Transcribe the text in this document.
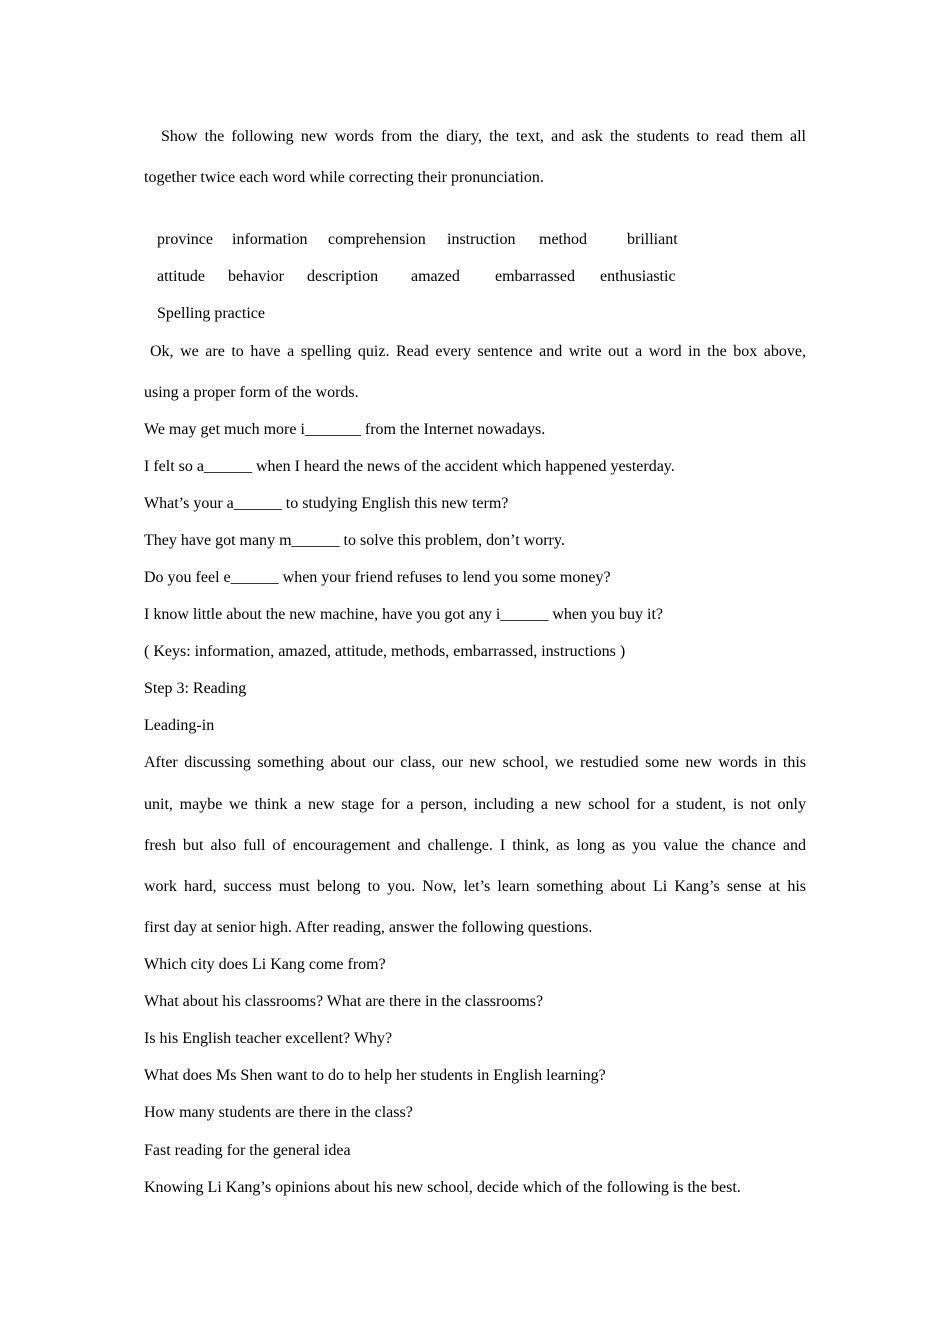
Show the following new words from the diary, the text, and ask the students to read them all
together twice each word while correcting their pronunciation.
province information comprehension instruction method	brilliant
attitude behavior description amazed embarrassed enthusiastic
Spelling practice
Ok, we are to have a spelling quiz. Read every sentence and write out a word in the box above,
using a proper form of the words.
We may get much more i_______ from the Internet nowadays.
I felt so a______ when I heard the news of the accident which happened yesterday.
What’s your a______ to studying English this new term?
They have got many m______ to solve this problem, don’t worry.
Do you feel e______ when your friend refuses to lend you some money?
I know little about the new machine, have you got any i______ when you buy it?
( Keys: information, amazed, attitude, methods, embarrassed, instructions )
Step 3: Reading
Leading-in
After discussing something about our class, our new school, we restudied some new words in this
unit, maybe we think a new stage for a person, including a new school for a student, is not only
fresh but also full of encouragement and challenge. I think, as long as you value the chance and
work hard, success must belong to you. Now, let’s learn something about Li Kang’s sense at his
first day at senior high. After reading, answer the following questions.
Which city does Li Kang come from?
What about his classrooms? What are there in the classrooms?
Is his English teacher excellent? Why?
What does Ms Shen want to do to help her students in English learning?
How many students are there in the class?
Fast reading for the general idea
Knowing Li Kang’s opinions about his new school, decide which of the following is the best.
